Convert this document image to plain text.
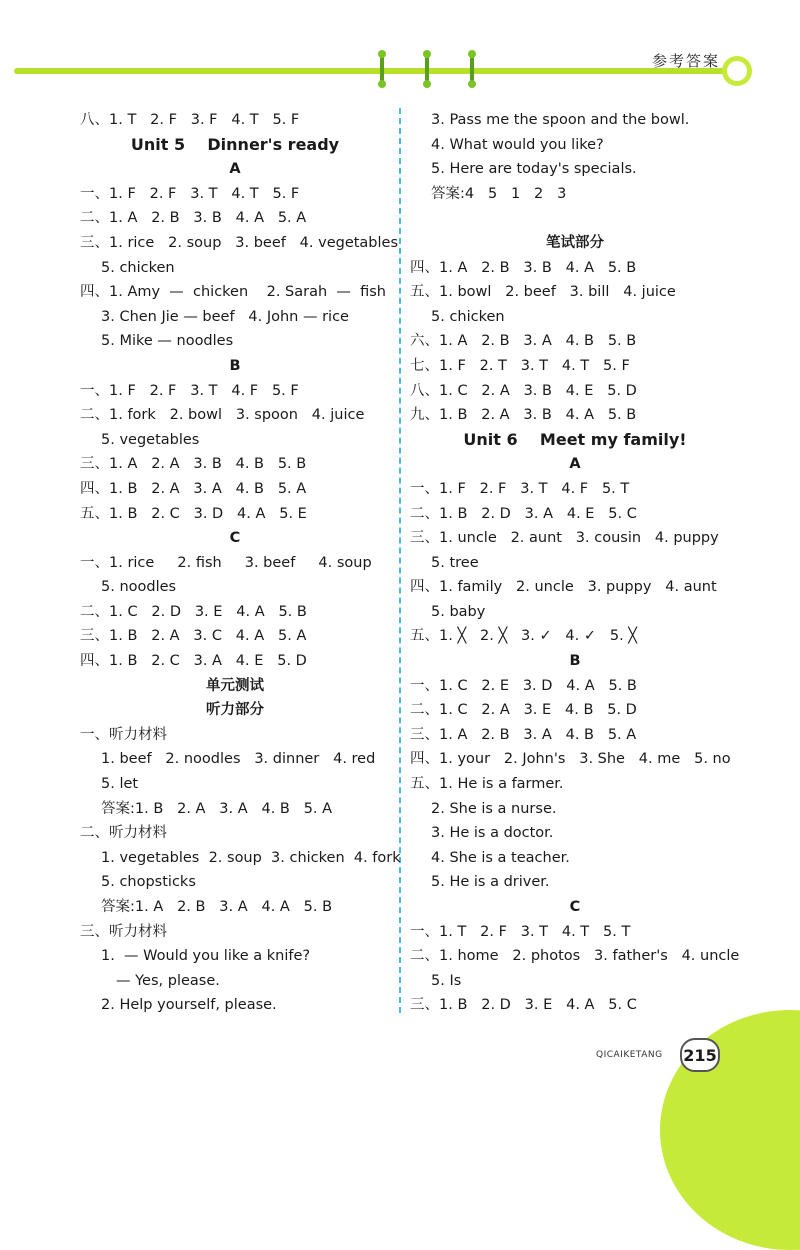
参考答案
八、1. T   2. F   3. F   4. T   5. F
Unit 5    Dinner's ready
A
一、1. F   2. F   3. T   4. T   5. F
二、1. A   2. B   3. B   4. A   5. A
三、1. rice   2. soup   3. beef   4. vegetables
5. chicken
四、1. Amy  —  chicken    2. Sarah  —  fish
3. Chen Jie — beef   4. John — rice
5. Mike — noodles
B
一、1. F   2. F   3. T   4. F   5. F
二、1. fork   2. bowl   3. spoon   4. juice
5. vegetables
三、1. A   2. A   3. B   4. B   5. B
四、1. B   2. A   3. A   4. B   5. A
五、1. B   2. C   3. D   4. A   5. E
C
一、1. rice     2. fish     3. beef     4. soup
5. noodles
二、1. C   2. D   3. E   4. A   5. B
三、1. B   2. A   3. C   4. A   5. A
四、1. B   2. C   3. A   4. E   5. D
单元测试
听力部分
一、听力材料
1. beef   2. noodles   3. dinner   4. red
5. let
答案:1. B   2. A   3. A   4. B   5. A
二、听力材料
1. vegetables  2. soup  3. chicken  4. fork
5. chopsticks
答案:1. A   2. B   3. A   4. A   5. B
三、听力材料
1.  — Would you like a knife?
— Yes, please.
2. Help yourself, please.
3. Pass me the spoon and the bowl.
4. What would you like?
5. Here are today's specials.
答案:4   5   1   2   3
笔试部分
四、1. A   2. B   3. B   4. A   5. B
五、1. bowl   2. beef   3. bill   4. juice
5. chicken
六、1. A   2. B   3. A   4. B   5. B
七、1. F   2. T   3. T   4. T   5. F
八、1. C   2. A   3. B   4. E   5. D
九、1. B   2. A   3. B   4. A   5. B
Unit 6    Meet my family!
A
一、1. F   2. F   3. T   4. F   5. T
二、1. B   2. D   3. A   4. E   5. C
三、1. uncle   2. aunt   3. cousin   4. puppy
5. tree
四、1. family   2. uncle   3. puppy   4. aunt
5. baby
五、1. ╳   2. ╳   3. ✓   4. ✓   5. ╳
B
一、1. C   2. E   3. D   4. A   5. B
二、1. C   2. A   3. E   4. B   5. D
三、1. A   2. B   3. A   4. B   5. A
四、1. your   2. John's   3. She   4. me   5. no
五、1. He is a farmer.
2. She is a nurse.
3. He is a doctor.
4. She is a teacher.
5. He is a driver.
C
一、1. T   2. F   3. T   4. T   5. T
二、1. home   2. photos   3. father's   4. uncle
5. Is
三、1. B   2. D   3. E   4. A   5. C
QICAIKETANG 215
